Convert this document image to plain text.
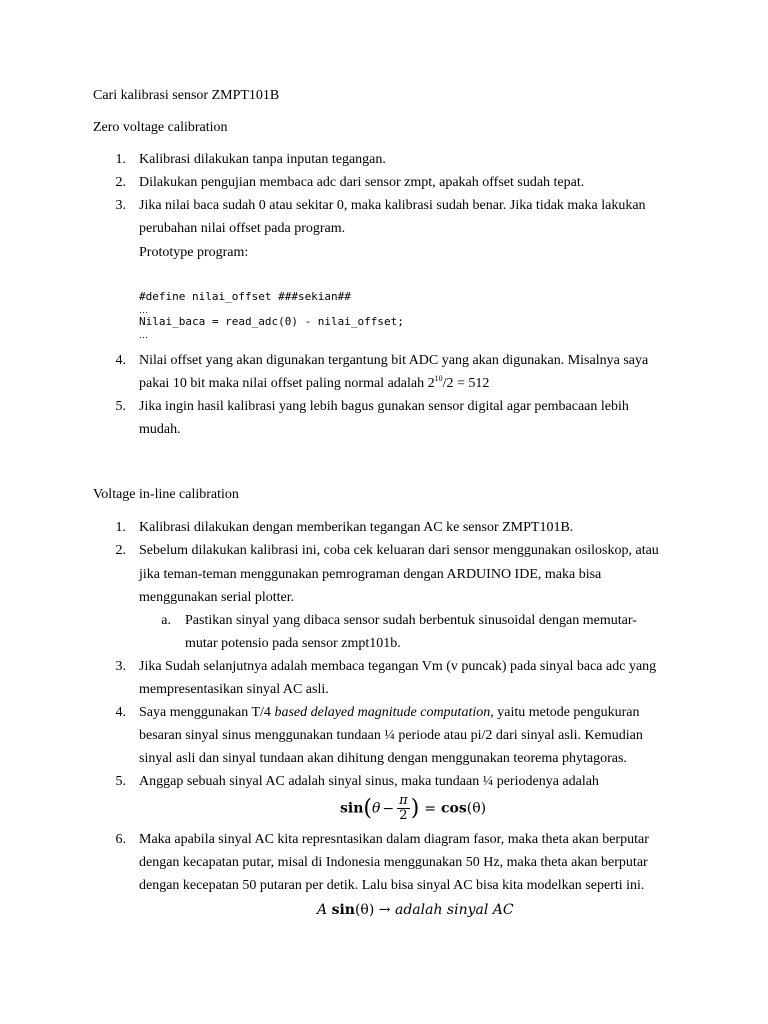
Cari kalibrasi sensor ZMPT101B
Zero voltage calibration
1. Kalibrasi dilakukan tanpa inputan tegangan.
2. Dilakukan pengujian membaca adc dari sensor zmpt, apakah offset sudah tepat.
3. Jika nilai baca sudah 0 atau sekitar 0, maka kalibrasi sudah benar. Jika tidak maka lakukan
perubahan nilai offset pada program.
Prototype program:
#define nilai_offset ###sekian##
…
Nilai_baca = read_adc(0) - nilai_offset;
…
4. Nilai offset yang akan digunakan tergantung bit ADC yang akan digunakan. Misalnya saya
pakai 10 bit maka nilai offset paling normal adalah $2^{10}/2 = 512$
5. Jika ingin hasil kalibrasi yang lebih bagus gunakan sensor digital agar pembacaan lebih
mudah.
Voltage in-line calibration
1. Kalibrasi dilakukan dengan memberikan tegangan AC ke sensor ZMPT101B.
2. Sebelum dilakukan kalibrasi ini, coba cek keluaran dari sensor menggunakan osiloskop, atau
jika teman-teman menggunakan pemrograman dengan ARDUINO IDE, maka bisa
menggunakan serial plotter.
a. Pastikan sinyal yang dibaca sensor sudah berbentuk sinusoidal dengan memutar-
mutar potensio pada sensor zmpt101b.
3. Jika Sudah selanjutnya adalah membaca tegangan Vm (v puncak) pada sinyal baca adc yang
mempresentasikan sinyal AC asli.
4. Saya menggunakan T/4 based delayed magnitude computation, yaitu metode pengukuran
besaran sinyal sinus menggunakan tundaan ¼ periode atau pi/2 dari sinyal asli. Kemudian
sinyal asli dan sinyal tundaan akan dihitung dengan menggunakan teorema phytagoras.
5. Anggap sebuah sinyal AC adalah sinyal sinus, maka tundaan ¼ periodenya adalah
$\sin(\theta - \frac{\pi}{2}$ ) = cos(θ)
6. Maka apabila sinyal AC kita represntasikan dalam diagram fasor, maka theta akan berputar
dengan kecapatan putar, misal di Indonesia menggunakan 50 Hz, maka theta akan berputar
dengan kecepatan 50 putaran per detik. Lalu bisa sinyal AC bisa kita modelkan seperti ini.
A sin(θ) → adalah sinyal AC
